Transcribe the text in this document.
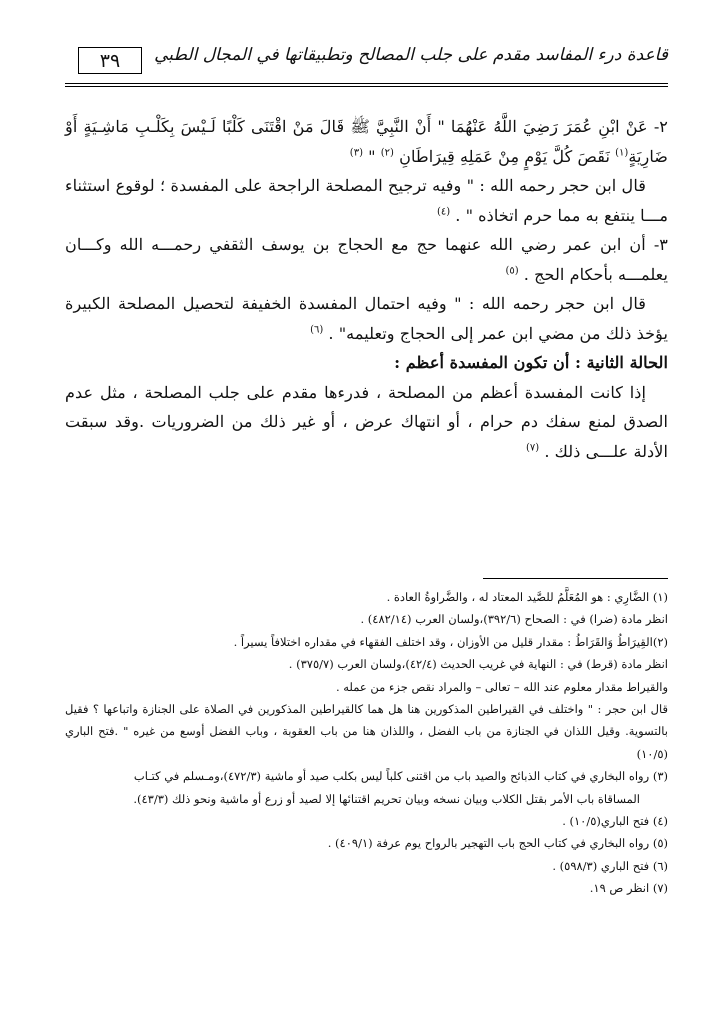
٣٩ قاعدة درء المفاسد مقدم على جلب المصالح وتطبيقاتها في المجال الطبي

٢- عَنْ ابْنِ عُمَرَ رَضِيَ اللَّهُ عَنْهُمَا " أَنْ النَّبِيَّ ﷺ قَالَ مَنْ اقْتَنَى كَلْبًا لَـيْسَ بِكَلْـبِ مَاشِـيَةٍ أَوْ ضَارِيَةٍ$^{(١)}$ نَقَصَ كُلَّ يَوْمٍ مِنْ عَمَلِهِ قِيرَاطَانِ $^{(٢)}$ " $^{(٣)}$

قال ابن حجر رحمه الله : " وفيه ترجيح المصلحة الراجحة على المفسدة ؛ لوقوع استثناء مـــا ينتفع به مما حرم اتخاذه " . $^{(٤)}$

٣- أن ابن عمر رضي الله عنهما حج مع الحجاج بن يوسف الثقفي رحمـــه الله وكـــان يعلمـــه بأحكام الحج . $^{(٥)}$

قال ابن حجر رحمه الله : " وفيه احتمال المفسدة الخفيفة لتحصيل المصلحة الكبيرة يؤخذ ذلك من مضي ابن عمر إلى الحجاج وتعليمه" . $^{(٦)}$

الحالة الثانية : أن تكون المفسدة أعظم :

إذا كانت المفسدة أعظم من المصلحة ، فدرءها مقدم على جلب المصلحة ، مثل عدم الصدق لمنع سفك دم حرام ، أو انتهاك عرض ، أو غير ذلك من الضروريات .وقد سبقت الأدلة علـــى ذلك . $^{(٧)}$

(١) الضَّارِي : هو المُعَلَّمُ للصَّيد المعتاد له ، والضَّراوةُ العادة .

انظر مادة (ضرا) في : الصحاح (٣٩٢/٦)،ولسان العرب (٤٨٢/١٤) .

(٢)القِيرَاطُ وَالقَرَاطُ : مقدار قليل من الأوزان ، وقد اختلف الفقهاء في مقداره اختلافاً يسيراً .

انظر مادة (قرط) في : النهاية في غريب الحديث (٤٢/٤)،ولسان العرب (٣٧٥/٧) .

والقيراط مقدار معلوم عند الله – تعالى – والمراد نقص جزء من عمله .

قال ابن حجر : " واختلف في القيراطين المذكورين هنا هل هما كالقيراطين المذكورين في الصلاة على الجنازة واتباعها ؟ فقيل بالتسوية. وقيل اللذان في الجنازة من باب الفضل ، واللذان هنا من باب العقوبة ، وباب الفضل أوسع من غيره " .فتح الباري (١٠/٥)

(٣) رواه البخاري في كتاب الذبائح والصيد باب من اقتنى كلباً ليس بكلب صيد أو ماشية (٤٧٢/٣)،ومـسلم في كتـاب

المساقاة باب الأمر بقتل الكلاب وبيان نسخه وبيان تحريم اقتنائها إلا لصيد أو زرع أو ماشية ونحو ذلك (٤٣/٣).

(٤) فتح الباري(١٠/٥) .

(٥) رواه البخاري في كتاب الحج باب التهجير بالرواح يوم عرفة (٤٠٩/١) .

(٦) فتح الباري (٥٩٨/٣) .

(٧) انظر ص ١٩.
